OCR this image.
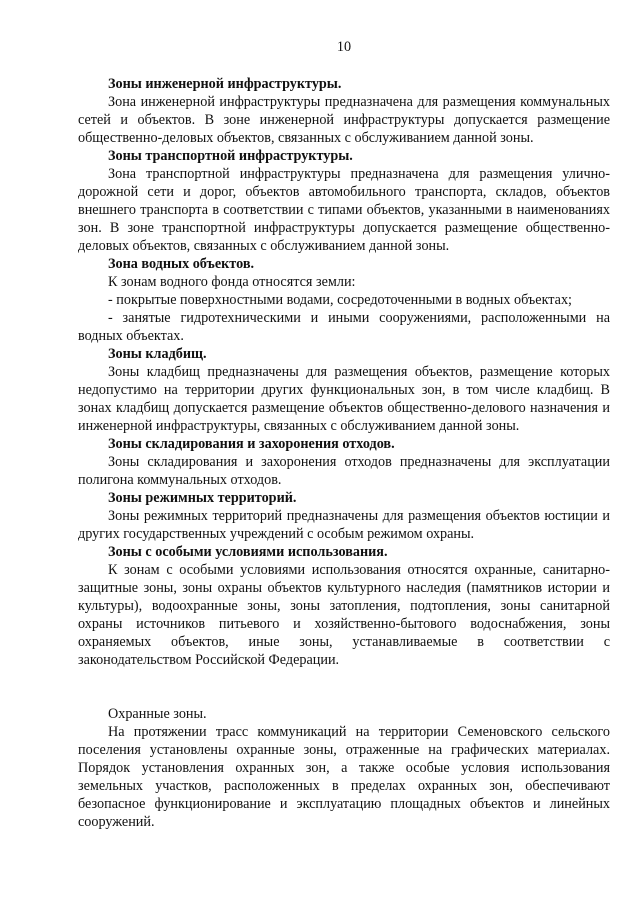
10
Зоны инженерной инфраструктуры.
Зона инженерной инфраструктуры предназначена для размещения коммунальных сетей и объектов. В зоне инженерной инфраструктуры допускается размещение общественно-деловых объектов, связанных с обслуживанием данной зоны.
Зоны транспортной инфраструктуры.
Зона транспортной инфраструктуры предназначена для размещения улично-дорожной сети и дорог, объектов автомобильного транспорта, складов, объектов внешнего транспорта в соответствии с типами объектов, указанными в наименованиях зон. В зоне транспортной инфраструктуры допускается размещение общественно-деловых объектов, связанных с обслуживанием данной зоны.
Зона водных объектов.
К зонам водного фонда относятся земли:
- покрытые поверхностными водами, сосредоточенными в водных объектах;
- занятые гидротехническими и иными сооружениями, расположенными на водных объектах.
Зоны кладбищ.
Зоны кладбищ предназначены для размещения объектов, размещение которых недопустимо на территории других функциональных зон, в том числе кладбищ. В зонах кладбищ допускается размещение объектов общественно-делового назначения и инженерной инфраструктуры, связанных с обслуживанием данной зоны.
Зоны складирования и захоронения отходов.
Зоны складирования и захоронения отходов предназначены для эксплуатации полигона коммунальных отходов.
Зоны режимных территорий.
Зоны режимных территорий предназначены для размещения объектов юстиции и других государственных учреждений с особым режимом охраны.
Зоны с особыми условиями использования.
К зонам с особыми условиями использования относятся охранные, санитарно-защитные зоны, зоны охраны объектов культурного наследия (памятников истории и культуры), водоохранные зоны, зоны затопления, подтопления, зоны санитарной охраны источников питьевого и хозяйственно-бытового водоснабжения, зоны охраняемых объектов, иные зоны, устанавливаемые в соответствии с законодательством Российской Федерации.
Охранные зоны.
На протяжении трасс коммуникаций на территории Семеновского сельского поселения установлены охранные зоны, отраженные на графических материалах. Порядок установления охранных зон, а также особые условия использования земельных участков, расположенных в пределах охранных зон, обеспечивают безопасное функционирование и эксплуатацию площадных объектов и линейных сооружений.
